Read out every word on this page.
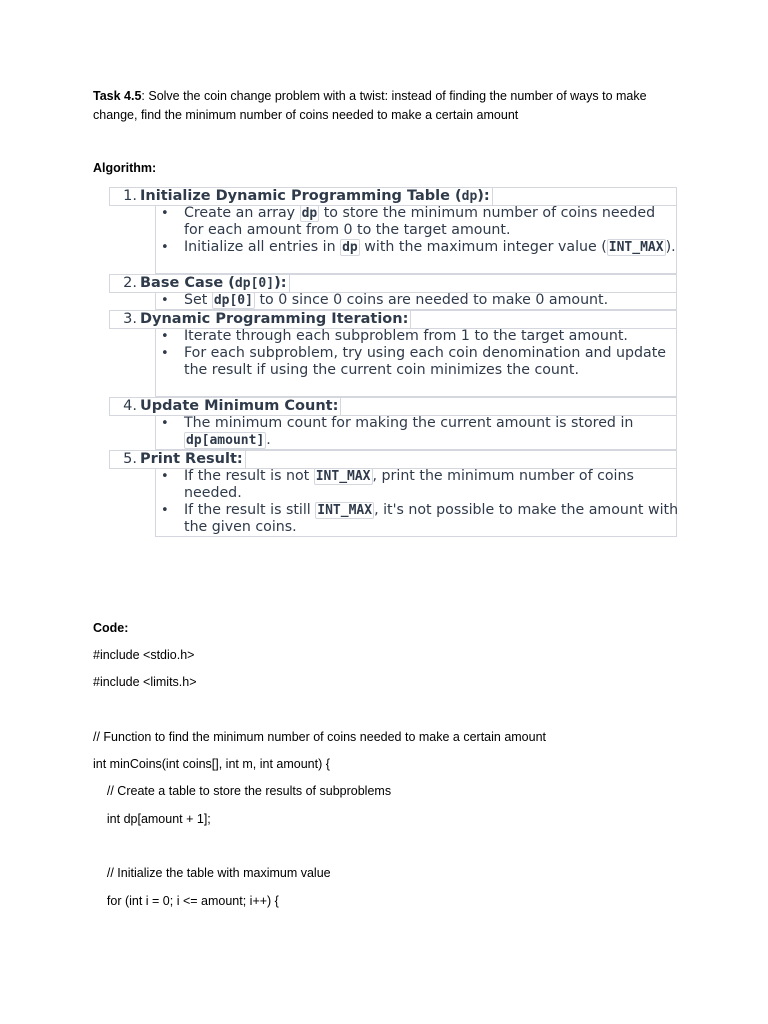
Task 4.5: Solve the coin change problem with a twist: instead of finding the number of ways to make change, find the minimum number of coins needed to make a certain amount
Algorithm:
1. Initialize Dynamic Programming Table (dp):
• Create an array dp to store the minimum number of coins needed for each amount from 0 to the target amount.
• Initialize all entries in dp with the maximum integer value ( INT_MAX ).
2. Base Case (dp[0]):
• Set dp[0] to 0 since 0 coins are needed to make 0 amount.
3. Dynamic Programming Iteration:
• Iterate through each subproblem from 1 to the target amount.
• For each subproblem, try using each coin denomination and update the result if using the current coin minimizes the count.
4. Update Minimum Count:
• The minimum count for making the current amount is stored in dp[amount] .
5. Print Result:
• If the result is not INT_MAX , print the minimum number of coins needed.
• If the result is still INT_MAX , it's not possible to make the amount with the given coins.
Code:
#include <stdio.h>
#include <limits.h>
// Function to find the minimum number of coins needed to make a certain amount
int minCoins(int coins[], int m, int amount) {
// Create a table to store the results of subproblems
int dp[amount + 1];
// Initialize the table with maximum value
for (int i = 0; i <= amount; i++) {
